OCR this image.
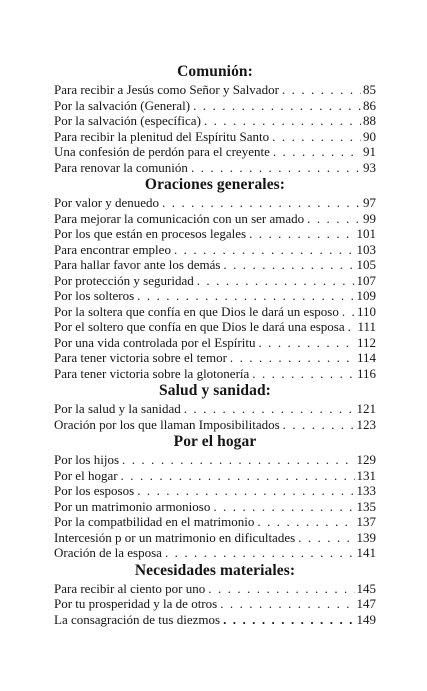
Comunión:
Para recibir a Jesús como Señor y Salvador . . .	85
Por la salvación (General) . . .	86
Por la salvación (específica) . . .	88
Para recibir la plenitud del Espíritu Santo . . .	90
Una confesión de perdón para el creyente . . .	91
Para renovar la comunión . . .	93
Oraciones generales:
Por valor y denuedo . . .	97
Para mejorar la comunicación con un ser amado . . .	99
Por los que están en procesos legales . . .	101
Para encontrar empleo . . .	103
Para hallar favor ante los demás . . .	105
Por protección y seguridad . . .	107
Por los solteros . . .	109
Por la soltera que confía en que Dios le dará un esposo . . . 110
Por el soltero que confía en que Dios le dará una esposa . . . 111
Por una vida controlada por el Espíritu . . .	112
Para tener victoria sobre el temor . . .	114
Para tener victoria sobre la glotonería . . .	116
Salud y sanidad:
Por la salud y la sanidad . . .	121
Oración por los que llaman Imposibilitados . . .	123
Por el hogar
Por los hijos . . .	129
Por el hogar . . .	131
Por los esposos . . .	133
Por un matrimonio armonioso . . .	135
Por la compatbilidad en el matrimonio . . .	137
Intercesión p or un matrimonio en dificultades . . .	139
Oración de la esposa . . .	141
Necesidades materiales:
Para recibir al ciento por uno . . .	145
Por tu prosperidad y la de otros . . .	147
La consagración de tus diezmos . . .	149
